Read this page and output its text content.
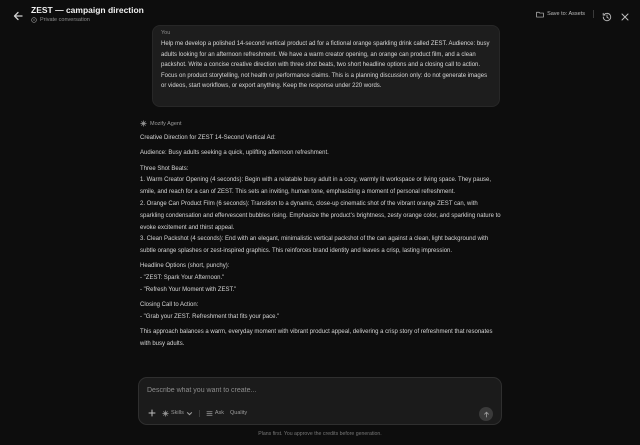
ZEST — campaign direction
Private conversation
Save to: Assets
You
Help me develop a polished 14-second vertical product ad for a fictional orange sparkling drink called ZEST. Audience: busy adults looking for an afternoon refreshment. We have a warm creator opening, an orange can product film, and a clean packshot. Write a concise creative direction with three shot beats, two short headline options and a closing call to action. Focus on product storytelling, not health or performance claims. This is a planning discussion only: do not generate images or videos, start workflows, or export anything. Keep the response under 220 words.
Mozify Agent

Creative Direction for ZEST 14-Second Vertical Ad:

Audience: Busy adults seeking a quick, uplifting afternoon refreshment.

Three Shot Beats:
1. Warm Creator Opening (4 seconds): Begin with a relatable busy adult in a cozy, warmly lit workspace or living space. They pause, smile, and reach for a can of ZEST. This sets an inviting, human tone, emphasizing a moment of personal refreshment.
2. Orange Can Product Film (6 seconds): Transition to a dynamic, close-up cinematic shot of the vibrant orange ZEST can, with sparkling condensation and effervescent bubbles rising. Emphasize the product's brightness, zesty orange color, and sparkling nature to evoke excitement and thirst appeal.

3. Clean Packshot (4 seconds): End with an elegant, minimalistic vertical packshot of the can against a clean, light background with subtle orange splashes or zest-inspired graphics. This reinforces brand identity and leaves a crisp, lasting impression.

Headline Options (short, punchy):
- "ZEST: Spark Your Afternoon."

- "Refresh Your Moment with ZEST."

Closing Call to Action:

- "Grab your ZEST. Refreshment that fits your pace."

This approach balances a warm, everyday moment with vibrant product appeal, delivering a crisp story of refreshment that resonates with busy adults.

Describe what you want to create...
Skills	Ask Quality
Plans first. You approve the credits before generation.
